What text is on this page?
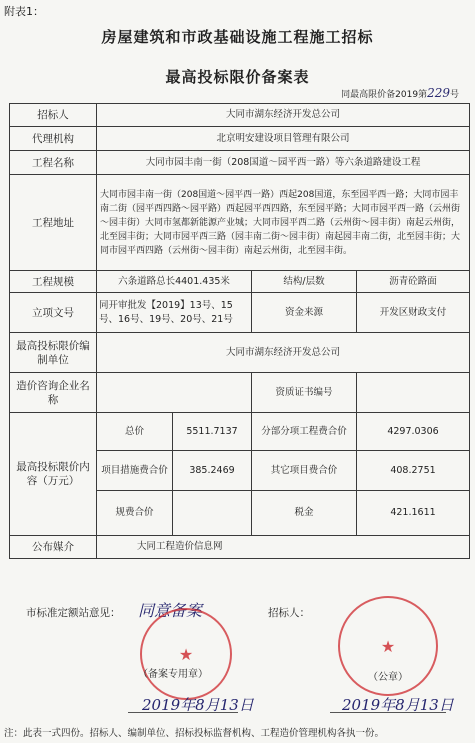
附表1：
房屋建筑和市政基础设施工程施工招标
最高投标限价备案表
同最高限价备2019第229号
招标人	大同市湖东经济开发总公司			
代理机构	北京明安建设项目管理有限公司			
工程名称	大同市园丰南一街（208国道～园平西一路）等六条道路建设工程			
工程地址	大同市园丰南一街（208国道～园平西一路）西起208国道，东至园平西一路；大同市园丰南二街（园平西四路～园平路）西起园平西四路，东至园平路；大同市园平西一路（云州街～园丰街）大同市氢都新能源产业城；大同市园平西二路（云州街～园丰街）南起云州街，北至园丰街；大同市园平西三路（园丰南二街～园丰街）南起园丰南二街，北至园丰街；大同市园平西四路（云州街～园丰街）南起云州街，北至园丰街。			
工程规模	六条道路总长4401.435米		结构/层数	沥青砼路面
立项文号	同开审批发【2019】13号、15号、16号、19号、20号、21号		资金来源	开发区财政支付
最高投标限价编制单位	大同市湖东经济开发总公司			
造价咨询企业名称			资质证书编号	
最高投标限价内容（万元）	总价	5511.7137	分部分项工程费合价	4297.0306
	项目措施费合价	385.2469	其它项目费合价	408.2751
	规费合价		税金	421.1611
公布媒介	大同工程造价信息网			
市标准定额站意见： 同意备案
★
（备案专用章）
2019年8月13日
招标人：
★
（公章）
2019年8月13日
注：此表一式四份。招标人、编制单位、招标投标监督机构、工程造价管理机构各执一份。
